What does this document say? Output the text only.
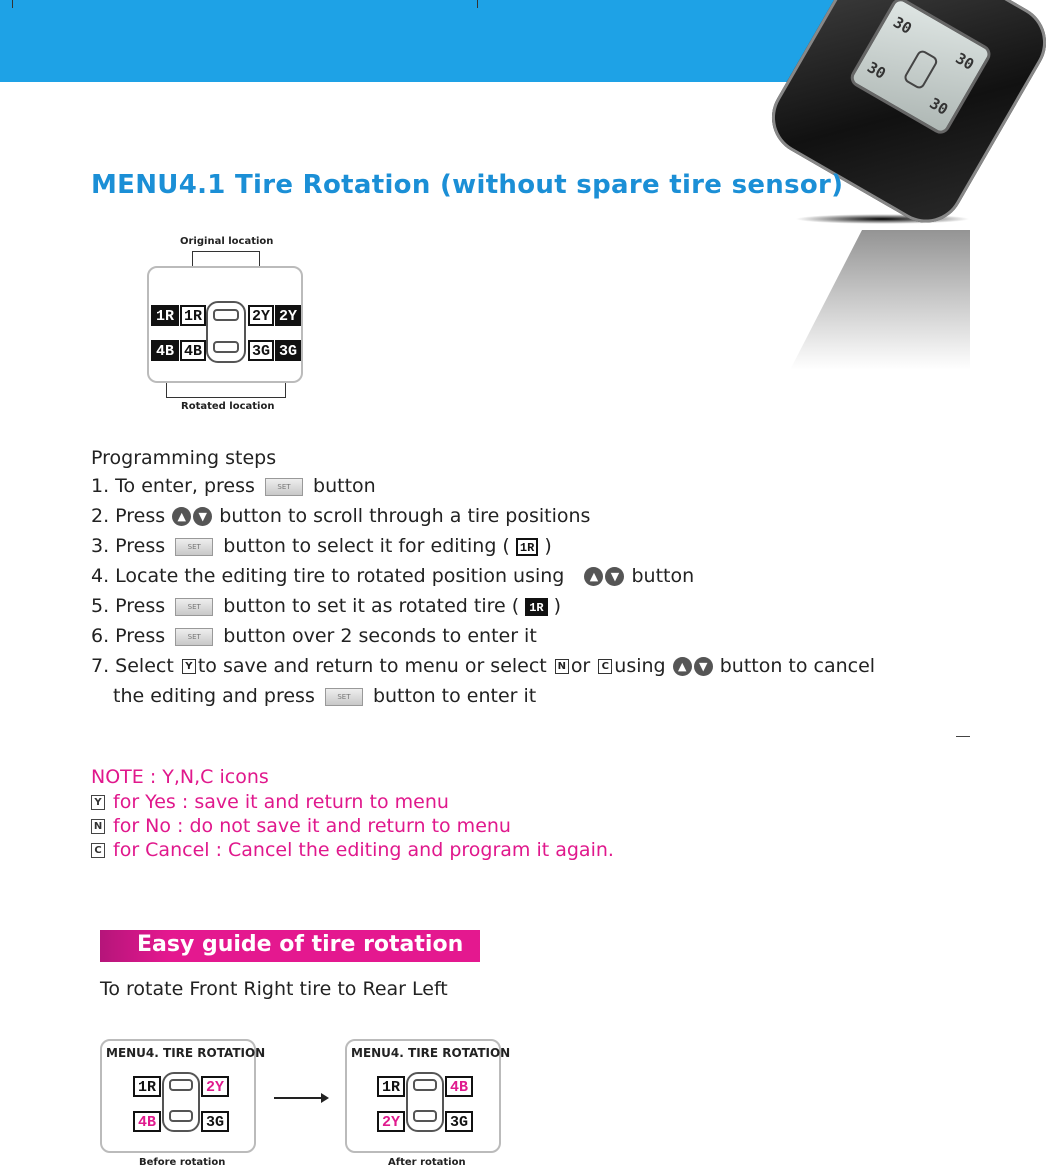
30
30
30
30
MENU4.1 Tire Rotation (without spare tire sensor)
Original location
Rotated location
1R 1R	2Y 2Y
4B 4B	3G 3G
Programming steps
1. To enter, press	SET button
2. Press ▲ ▼ button to scroll through a tire positions
3. Press	SET button to select it for editing ( 1R )
4. Locate the editing tire to rotated position using ▲ ▼ button
5. Press	SET button to set it as rotated tire ( 1R )
6. Press	SET button over 2 seconds to enter it
7. Select Y to save and return to menu or select N or C using ▲ ▼ button to cancel
the editing and press	SET button to enter it
NOTE : Y,N,C icons
Y for Yes : save it and return to menu
N for No : do not save it and return to menu
C for Cancel : Cancel the editing and program it again.
Easy guide of tire rotation
To rotate Front Right tire to Rear Left
MENU4. TIRE ROTATION
1R	2Y
4B	3G
Before rotation
MENU4. TIRE ROTATION
1R	4B
2Y	3G
After rotation
